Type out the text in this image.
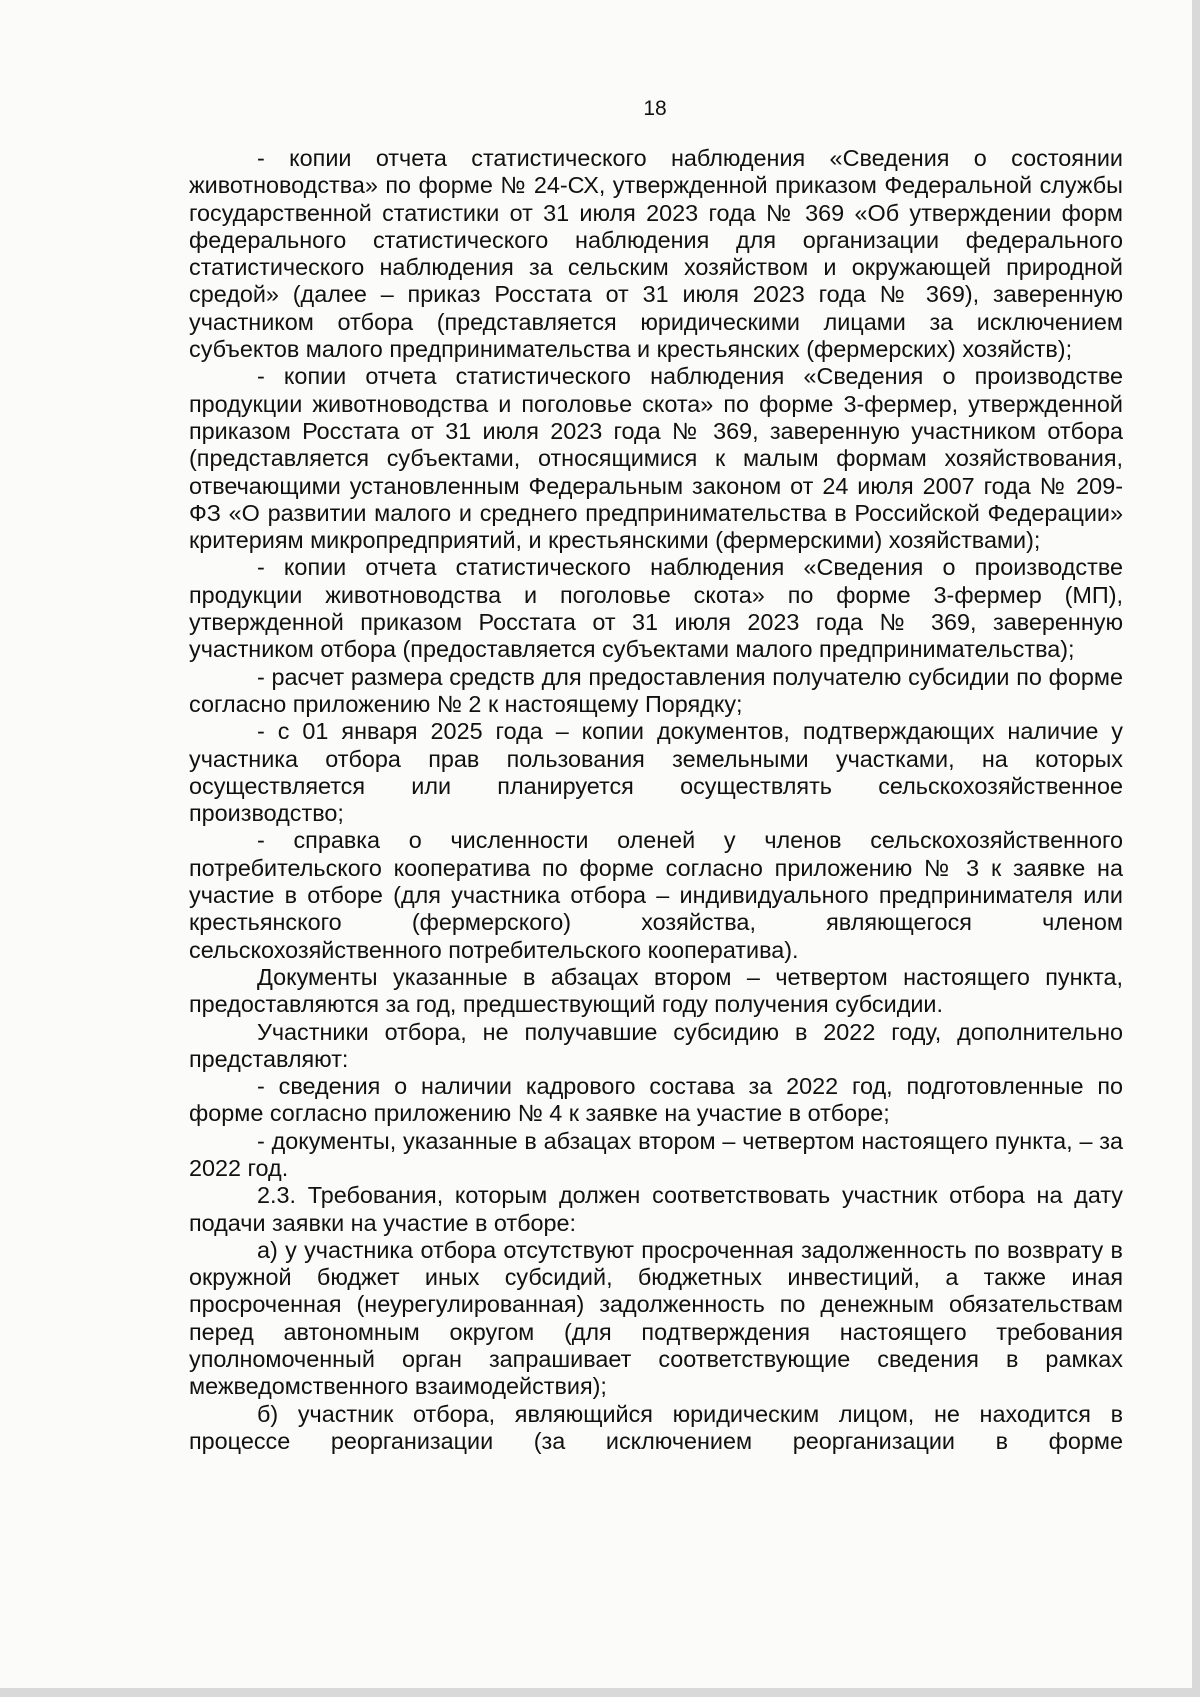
18

- копии отчета статистического наблюдения «Сведения о состоянии животноводства» по форме № 24-СХ, утвержденной приказом Федеральной службы государственной статистики от 31 июля 2023 года № 369 «Об утверждении форм федерального статистического наблюдения для организации федерального статистического наблюдения за сельским хозяйством и окружающей природной средой» (далее – приказ Росстата от 31 июля 2023 года № 369), заверенную участником отбора (представляется юридическими лицами за исключением субъектов малого предпринимательства и крестьянских (фермерских) хозяйств);

- копии отчета статистического наблюдения «Сведения о производстве продукции животноводства и поголовье скота» по форме 3-фермер, утвержденной приказом Росстата от 31 июля 2023 года № 369, заверенную участником отбора (представляется субъектами, относящимися к малым формам хозяйствования, отвечающими установленным Федеральным законом от 24 июля 2007 года № 209-ФЗ «О развитии малого и среднего предпринимательства в Российской Федерации» критериям микропредприятий, и крестьянскими (фермерскими) хозяйствами);

- копии отчета статистического наблюдения «Сведения о производстве продукции животноводства и поголовье скота» по форме 3-фермер (МП), утвержденной приказом Росстата от 31 июля 2023 года № 369, заверенную участником отбора (предоставляется субъектами малого предпринимательства);

- расчет размера средств для предоставления получателю субсидии по форме согласно приложению № 2 к настоящему Порядку;

- с 01 января 2025 года – копии документов, подтверждающих наличие у участника отбора прав пользования земельными участками, на которых осуществляется или планируется осуществлять сельскохозяйственное производство;

- справка о численности оленей у членов сельскохозяйственного потребительского кооператива по форме согласно приложению № 3 к заявке на участие в отборе (для участника отбора – индивидуального предпринимателя или крестьянского (фермерского) хозяйства, являющегося членом сельскохозяйственного потребительского кооператива).

Документы указанные в абзацах втором – четвертом настоящего пункта, предоставляются за год, предшествующий году получения субсидии.

Участники отбора, не получавшие субсидию в 2022 году, дополнительно представляют:

- сведения о наличии кадрового состава за 2022 год, подготовленные по форме согласно приложению № 4 к заявке на участие в отборе;

- документы, указанные в абзацах втором – четвертом настоящего пункта, – за 2022 год.

2.3. Требования, которым должен соответствовать участник отбора на дату подачи заявки на участие в отборе:

а) у участника отбора отсутствуют просроченная задолженность по возврату в окружной бюджет иных субсидий, бюджетных инвестиций, а также иная просроченная (неурегулированная) задолженность по денежным обязательствам перед автономным округом (для подтверждения настоящего требования уполномоченный орган запрашивает соответствующие сведения в рамках межведомственного взаимодействия);

б) участник отбора, являющийся юридическим лицом, не находится в процессе реорганизации (за исключением реорганизации в форме
